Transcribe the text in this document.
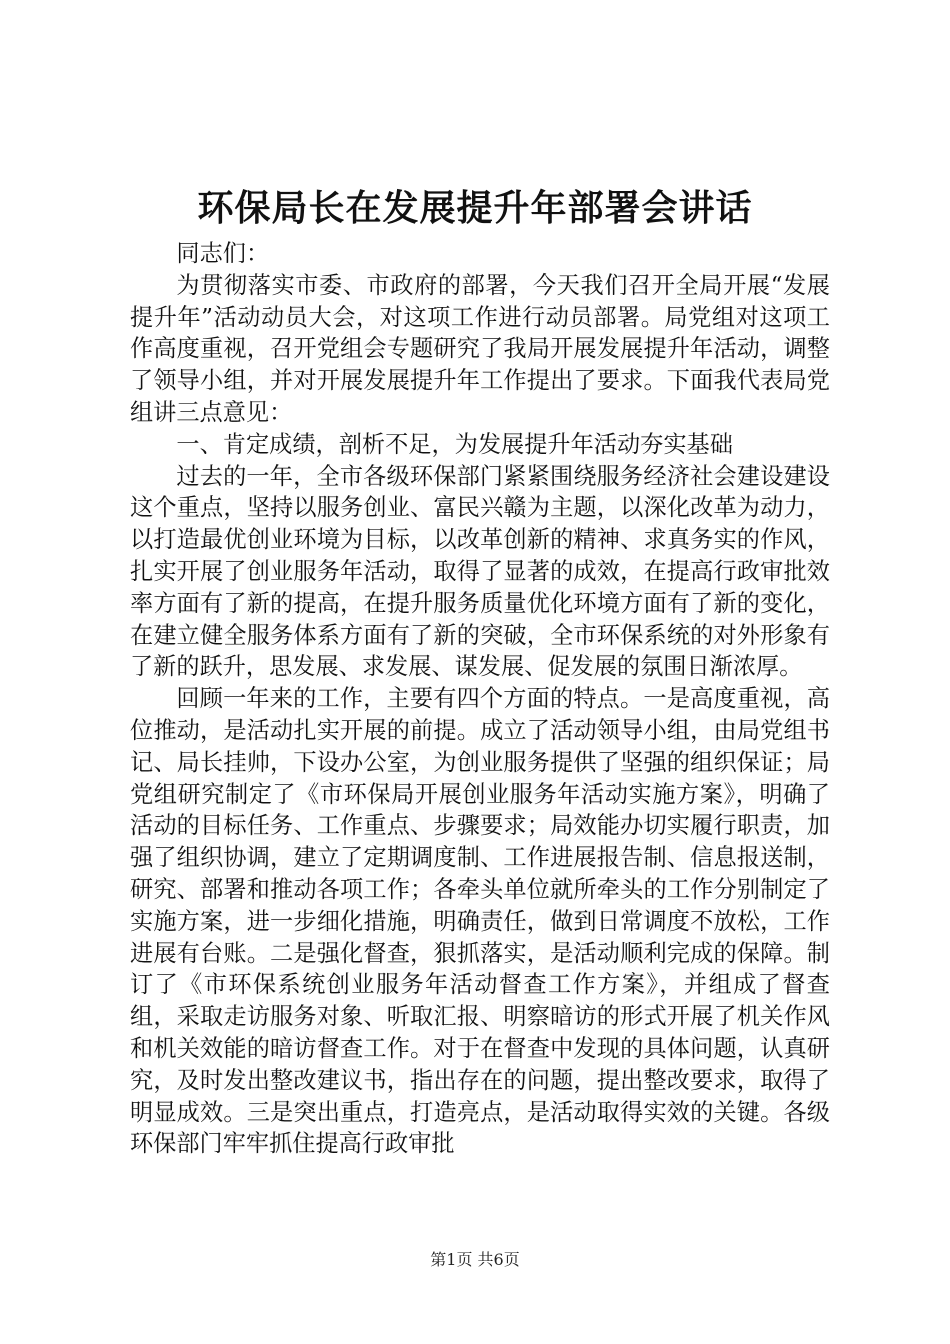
环保局长在发展提升年部署会讲话

同志们：

为贯彻落实市委、市政府的部署，今天我们召开全局开展“发展提升年”活动动员大会，对这项工作进行动员部署。局党组对这项工作高度重视，召开党组会专题研究了我局开展发展提升年活动，调整了领导小组，并对开展发展提升年工作提出了要求。下面我代表局党组讲三点意见：

一、肯定成绩，剖析不足，为发展提升年活动夯实基础

过去的一年，全市各级环保部门紧紧围绕服务经济社会建设建设这个重点，坚持以服务创业、富民兴赣为主题，以深化改革为动力，以打造最优创业环境为目标，以改革创新的精神、求真务实的作风，扎实开展了创业服务年活动，取得了显著的成效，在提高行政审批效率方面有了新的提高，在提升服务质量优化环境方面有了新的变化，在建立健全服务体系方面有了新的突破，全市环保系统的对外形象有了新的跃升，思发展、求发展、谋发展、促发展的氛围日渐浓厚。

回顾一年来的工作，主要有四个方面的特点。一是高度重视，高位推动，是活动扎实开展的前提。成立了活动领导小组，由局党组书记、局长挂帅，下设办公室，为创业服务提供了坚强的组织保证；局党组研究制定了《市环保局开展创业服务年活动实施方案》，明确了活动的目标任务、工作重点、步骤要求；局效能办切实履行职责，加强了组织协调，建立了定期调度制、工作进展报告制、信息报送制，研究、部署和推动各项工作；各牵头单位就所牵头的工作分别制定了实施方案，进一步细化措施，明确责任，做到日常调度不放松，工作进展有台账。二是强化督查，狠抓落实，是活动顺利完成的保障。制订了《市环保系统创业服务年活动督查工作方案》，并组成了督查组，采取走访服务对象、听取汇报、明察暗访的形式开展了机关作风和机关效能的暗访督查工作。对于在督查中发现的具体问题，认真研究，及时发出整改建议书，指出存在的问题，提出整改要求，取得了明显成效。三是突出重点，打造亮点，是活动取得实效的关键。各级环保部门牢牢抓住提高行政审批

第1页 共6页
